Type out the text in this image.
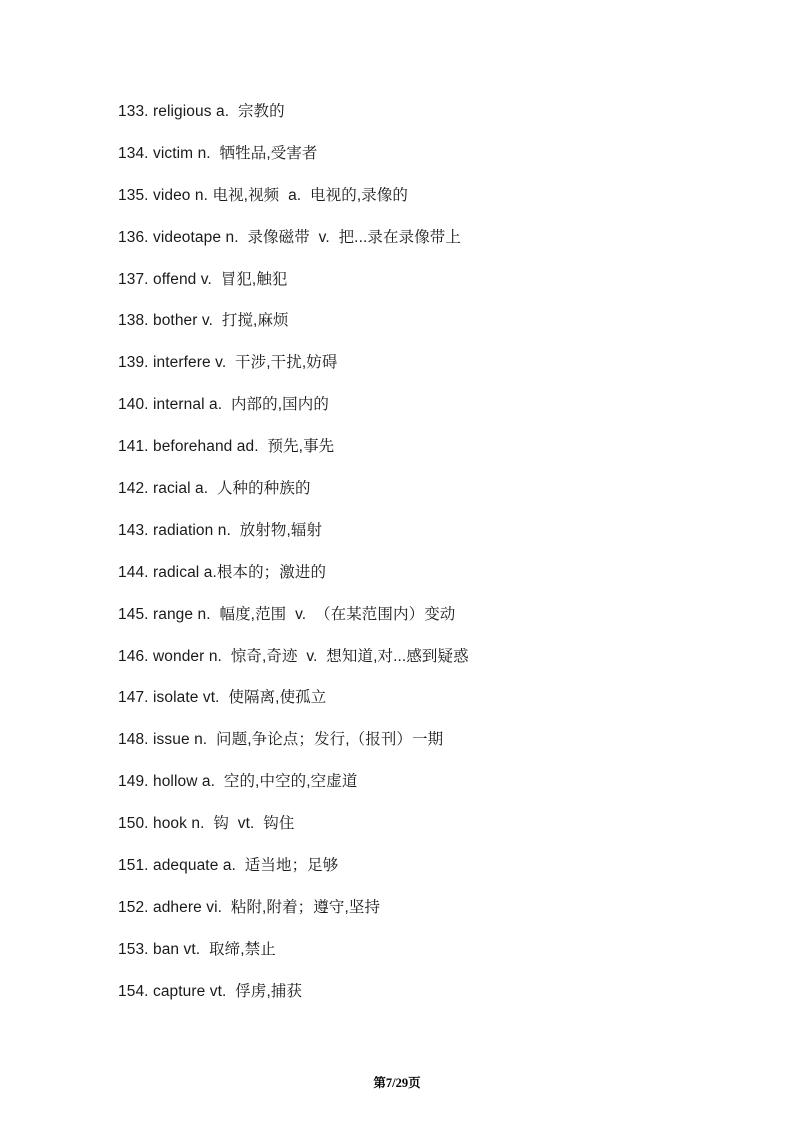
133. religious a.  宗教的
134. victim n.  牺牲品,受害者
135. video n. 电视,视频  a.  电视的,录像的
136. videotape n.  录像磁带  v.  把...录在录像带上
137. offend v.  冒犯,触犯
138. bother v.  打搅,麻烦
139. interfere v.  干涉,干扰,妨碍
140. internal a.  内部的,国内的
141. beforehand ad.  预先,事先
142. racial a.  人种的种族的
143. radiation n.  放射物,辐射
144. radical a.根本的；激进的
145. range n.  幅度,范围  v.  （在某范围内）变动
146. wonder n.  惊奇,奇迹  v.  想知道,对...感到疑惑
147. isolate vt.  使隔离,使孤立
148. issue n.  问题,争论点；发行,（报刊）一期
149. hollow a.  空的,中空的,空虚道
150. hook n.  钩  vt.  钩住
151. adequate a.  适当地；足够
152. adhere vi.  粘附,附着；遵守,坚持
153. ban vt.  取缔,禁止
154. capture vt.  俘虏,捕获
第7/29页
